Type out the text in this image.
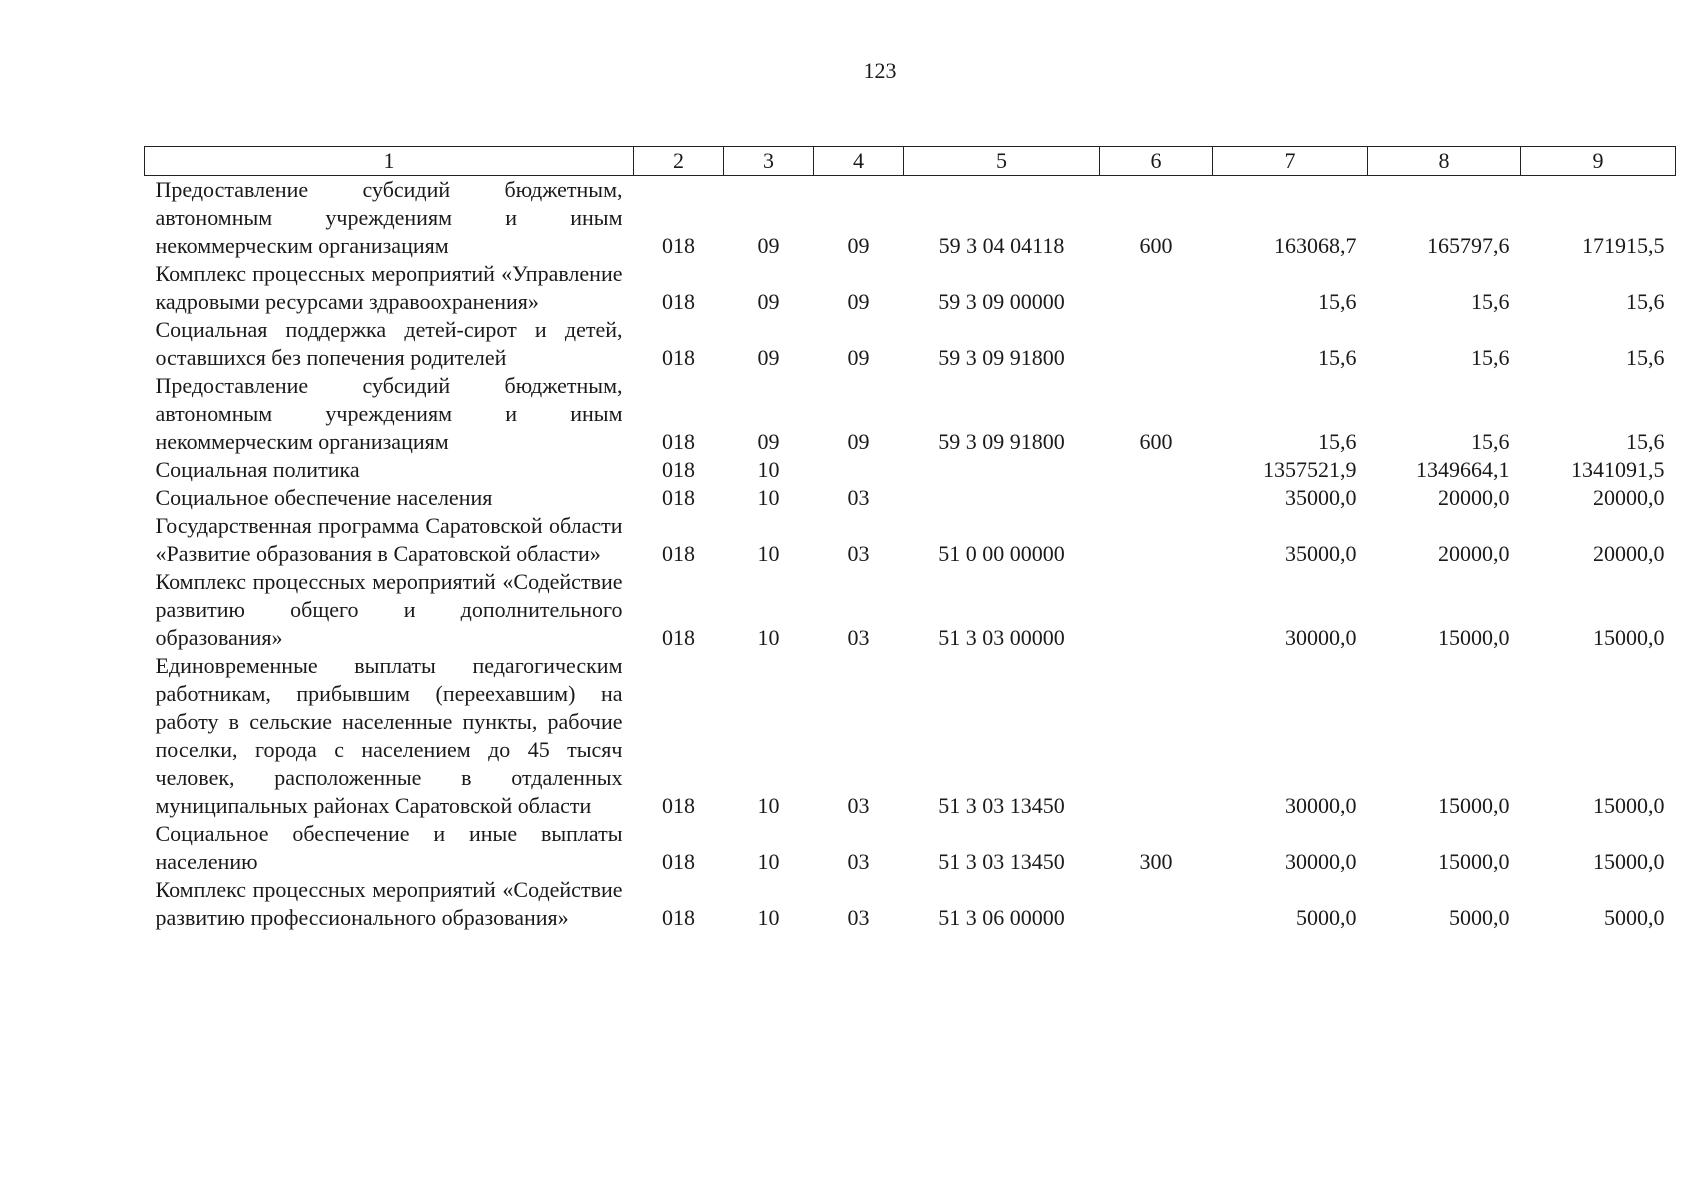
123
1	2	3	4	5	6	7	8	9
Предоставление субсидий бюджетным, автономным учреждениям и иным некоммерческим организациям	018	09	09	59 3 04 04118	600	163068,7	165797,6	171915,5
Комплекс процессных мероприятий «Управление кадровыми ресурсами здравоохранения»	018	09	09	59 3 09 00000		15,6	15,6	15,6
Социальная поддержка детей-сирот и детей, оставшихся без попечения родителей	018	09	09	59 3 09 91800		15,6	15,6	15,6
Предоставление субсидий бюджетным, автономным учреждениям и иным некоммерческим организациям	018	09	09	59 3 09 91800	600	15,6	15,6	15,6
Социальная политика	018	10				1357521,9	1349664,1	1341091,5
Социальное обеспечение населения	018	10	03			35000,0	20000,0	20000,0
Государственная программа Саратовской области «Развитие образования в Саратовской области»	018	10	03	51 0 00 00000		35000,0	20000,0	20000,0
Комплекс процессных мероприятий «Содействие развитию общего и дополнительного образования»	018	10	03	51 3 03 00000		30000,0	15000,0	15000,0
Единовременные выплаты педагогическим работникам, прибывшим (переехавшим) на работу в сельские населенные пункты, рабочие поселки, города с населением до 45 тысяч человек, расположенные в отдаленных муниципальных районах Саратовской области	018	10	03	51 3 03 13450		30000,0	15000,0	15000,0
Социальное обеспечение и иные выплаты населению	018	10	03	51 3 03 13450	300	30000,0	15000,0	15000,0
Комплекс процессных мероприятий «Содействие развитию профессионального образования»	018	10	03	51 3 06 00000		5000,0	5000,0	5000,0
